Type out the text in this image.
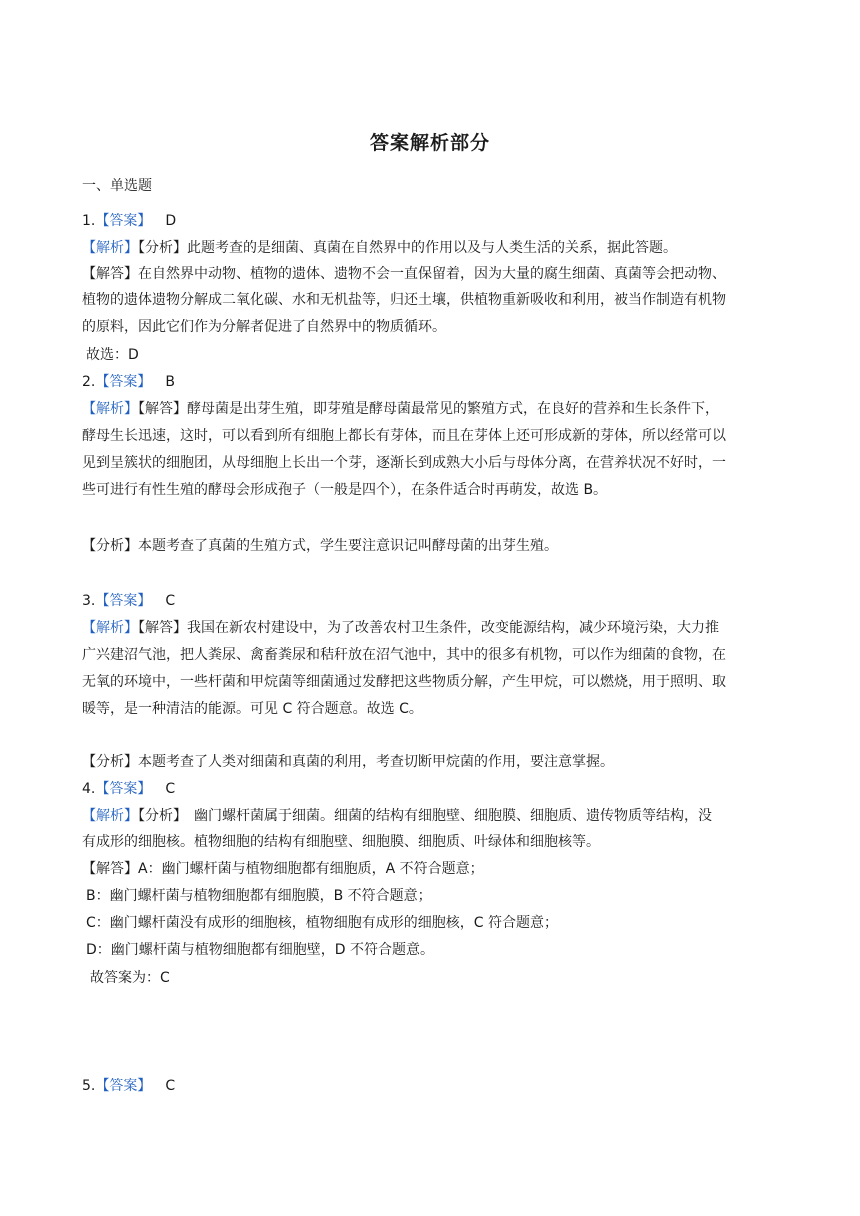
答案解析部分
一、单选题
1.【答案】 D
【解析】【分析】此题考查的是细菌、真菌在自然界中的作用以及与人类生活的关系，据此答题。
【解答】在自然界中动物、植物的遗体、遗物不会一直保留着，因为大量的腐生细菌、真菌等会把动物、
植物的遗体遗物分解成二氧化碳、水和无机盐等，归还土壤，供植物重新吸收和利用，被当作制造有机物
的原料，因此它们作为分解者促进了自然界中的物质循环。
故选：D
2.【答案】 B
【解析】【解答】酵母菌是出芽生殖，即芽殖是酵母菌最常见的繁殖方式，在良好的营养和生长条件下，
酵母生长迅速，这时，可以看到所有细胞上都长有芽体，而且在芽体上还可形成新的芽体，所以经常可以
见到呈簇状的细胞团，从母细胞上长出一个芽，逐渐长到成熟大小后与母体分离，在营养状况不好时，一
些可进行有性生殖的酵母会形成孢子（一般是四个），在条件适合时再萌发，故选 B。
【分析】本题考查了真菌的生殖方式，学生要注意识记叫酵母菌的出芽生殖。
3.【答案】 C
【解析】【解答】我国在新农村建设中，为了改善农村卫生条件，改变能源结构，减少环境污染，大力推
广兴建沼气池，把人粪尿、禽畜粪尿和秸秆放在沼气池中，其中的很多有机物，可以作为细菌的食物，在
无氧的环境中，一些杆菌和甲烷菌等细菌通过发酵把这些物质分解，产生甲烷，可以燃烧，用于照明、取
暖等，是一种清洁的能源。可见 C 符合题意。故选 C。
【分析】本题考查了人类对细菌和真菌的利用，考查切断甲烷菌的作用，要注意掌握。
4.【答案】 C
【解析】【分析】　幽门螺杆菌属于细菌。细菌的结构有细胞壁、细胞膜、细胞质、遗传物质等结构，没
有成形的细胞核。植物细胞的结构有细胞壁、细胞膜、细胞质、叶绿体和细胞核等。
【解答】A：幽门螺杆菌与植物细胞都有细胞质，A 不符合题意；
B：幽门螺杆菌与植物细胞都有细胞膜，B 不符合题意；
C：幽门螺杆菌没有成形的细胞核，植物细胞有成形的细胞核，C 符合题意；
D：幽门螺杆菌与植物细胞都有细胞壁，D 不符合题意。
故答案为：C
5.【答案】 C
